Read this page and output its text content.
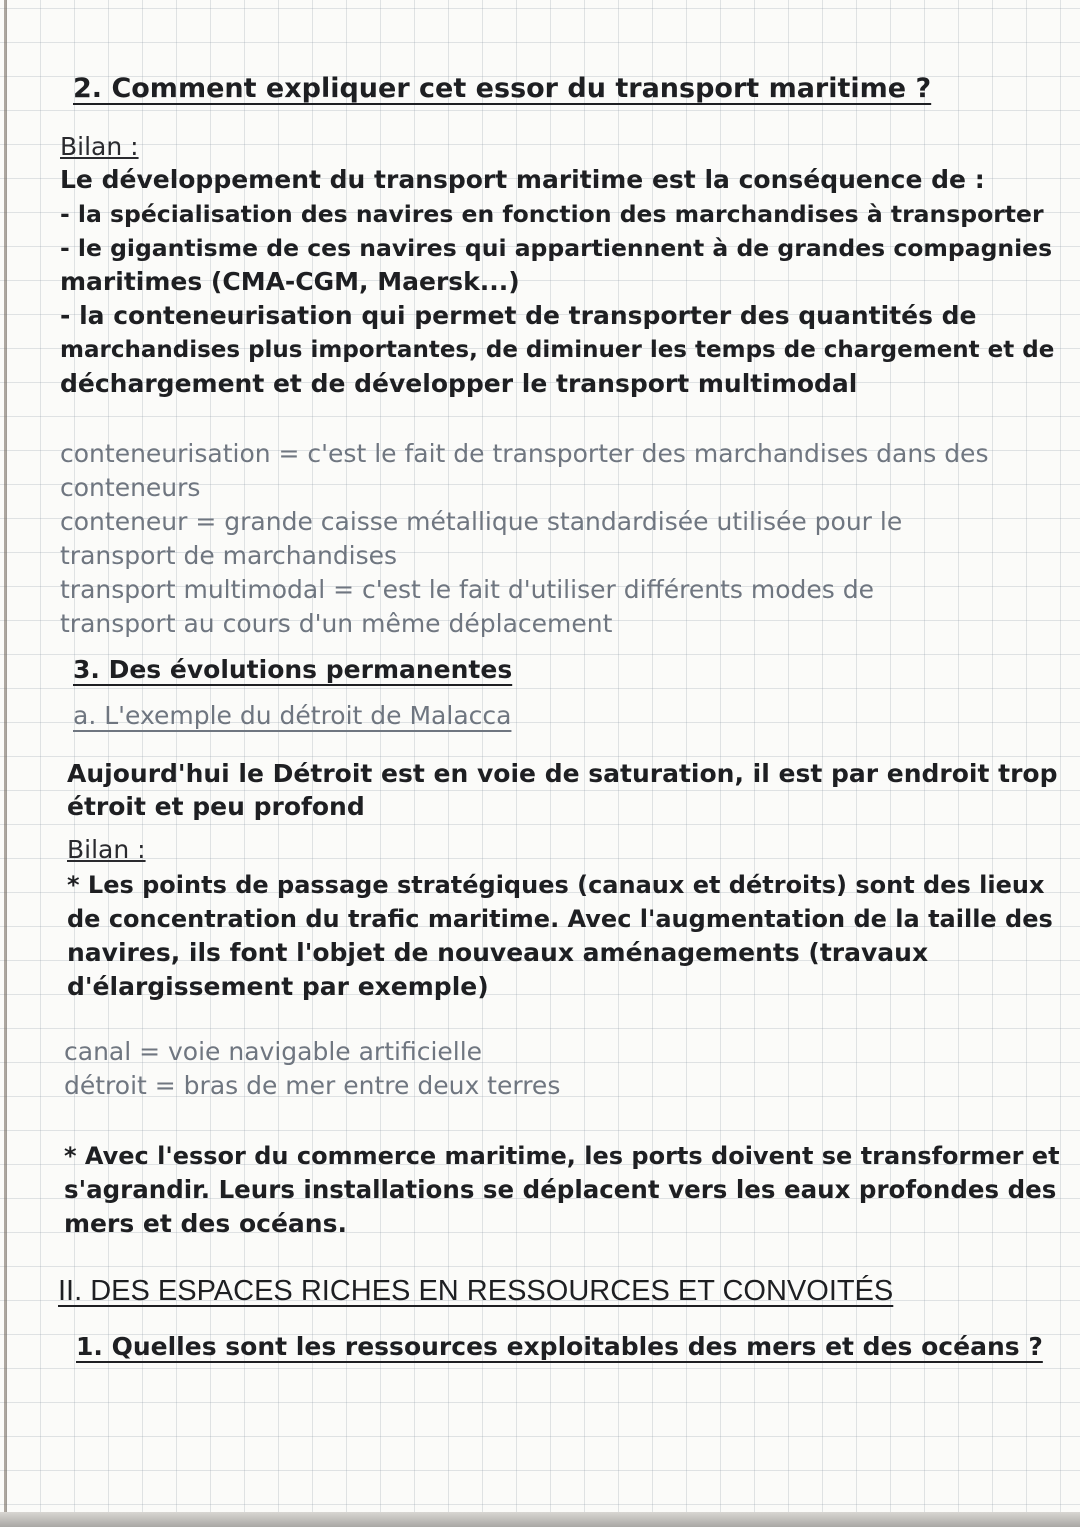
2. Comment expliquer cet essor du transport maritime ?

Bilan :

Le développement du transport maritime est la conséquence de :

- la spécialisation des navires en fonction des marchandises à transporter

- le gigantisme de ces navires qui appartiennent à de grandes compagnies

maritimes (CMA-CGM, Maersk...)

- la conteneurisation qui permet de transporter des quantités de

marchandises plus importantes, de diminuer les temps de chargement et de

déchargement et de développer le transport multimodal

conteneurisation = c'est le fait de transporter des marchandises dans des

conteneurs

conteneur = grande caisse métallique standardisée utilisée pour le

transport de marchandises

transport multimodal = c'est le fait d'utiliser différents modes de

transport au cours d'un même déplacement

3. Des évolutions permanentes

a. L'exemple du détroit de Malacca

Aujourd'hui le Détroit est en voie de saturation, il est par endroit trop

étroit et peu profond

Bilan :

* Les points de passage stratégiques (canaux et détroits) sont des lieux

de concentration du trafic maritime. Avec l'augmentation de la taille des

navires, ils font l'objet de nouveaux aménagements (travaux

d'élargissement par exemple)

canal = voie navigable artificielle

détroit = bras de mer entre deux terres

* Avec l'essor du commerce maritime, les ports doivent se transformer et

s'agrandir. Leurs installations se déplacent vers les eaux profondes des

mers et des océans.

II. DES ESPACES RICHES EN RESSOURCES ET CONVOITÉS

1. Quelles sont les ressources exploitables des mers et des océans ?
